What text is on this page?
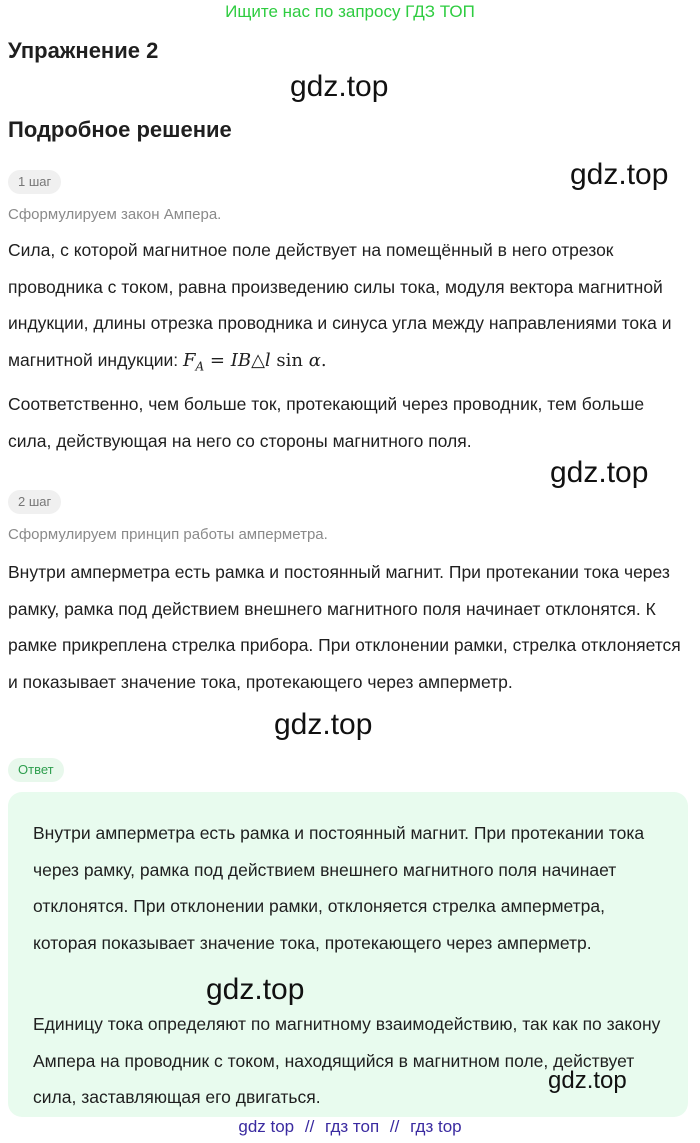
Ищите нас по запросу ГДЗ ТОП
Упражнение 2
gdz.top
Подробное решение
gdz.top
1 шаг
Сформулируем закон Ампера.
Сила, с которой магнитное поле действует на помещённый в него отрезок проводника с током, равна произведению силы тока, модуля вектора магнитной индукции, длины отрезка проводника и синуса угла между направлениями тока и магнитной индукции: $F_A$ = IB△l sin α.
Соответственно, чем больше ток, протекающий через проводник, тем больше сила, действующая на него со стороны магнитного поля.
gdz.top
2 шаг
Сформулируем принцип работы амперметра.
Внутри амперметра есть рамка и постоянный магнит. При протекании тока через рамку, рамка под действием внешнего магнитного поля начинает отклонятся. К рамке прикреплена стрелка прибора. При отклонении рамки, стрелка отклоняется и показывает значение тока, протекающего через амперметр.
gdz.top
Ответ
Внутри амперметра есть рамка и постоянный магнит. При протекании тока через рамку, рамка под действием внешнего магнитного поля начинает отклонятся. При отклонении рамки, отклоняется стрелка амперметра, которая показывает значение тока, протекающего через амперметр.
gdz.top
Единицу тока определяют по магнитному взаимодействию, так как по закону Ампера на проводник с током, находящийся в магнитном поле, действует сила, заставляющая его двигаться.
gdz.top
gdz top // гдз топ // гдз top
